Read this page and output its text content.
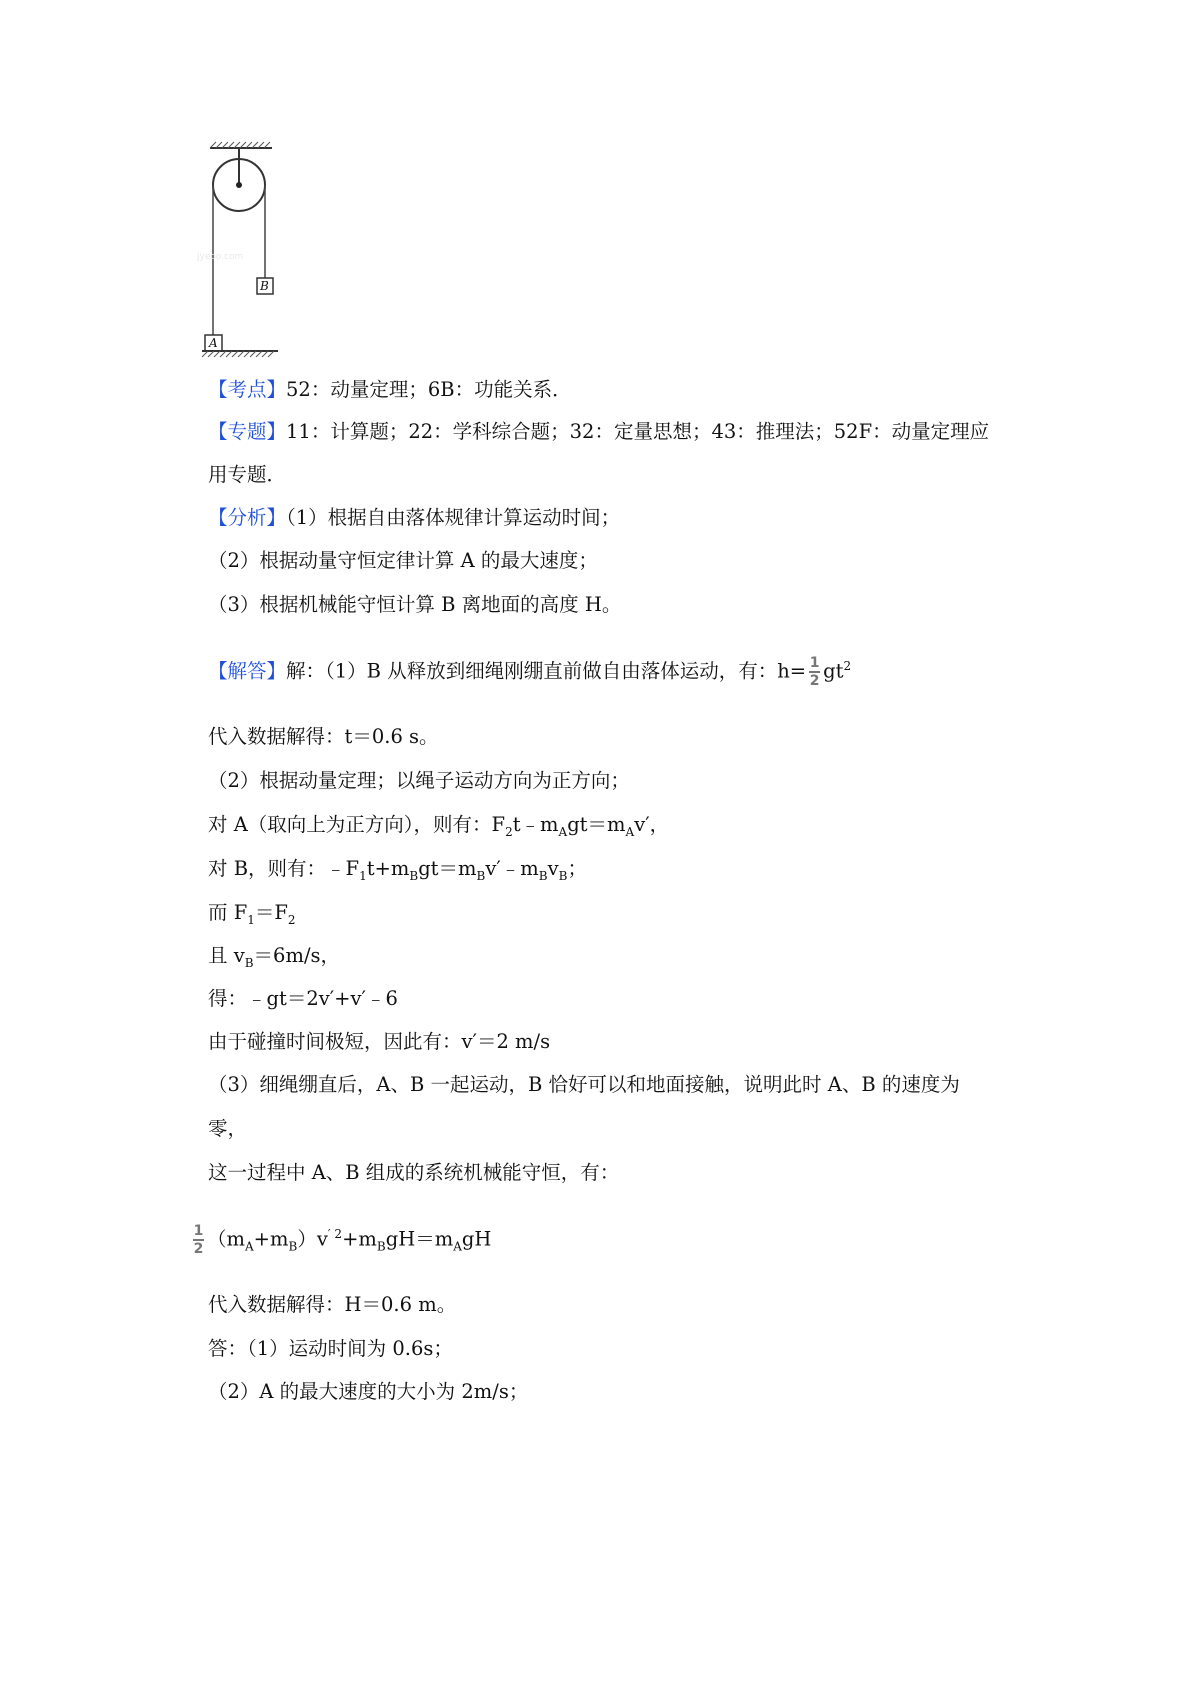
A
B
jyeoo.com
【考点】52：动量定理；6B：功能关系．
【专题】11：计算题；22：学科综合题；32：定量思想；43：推理法；52F：动量定理应
用专题．
【分析】（1）根据自由落体规律计算运动时间；
（2）根据动量守恒定律计算 A 的最大速度；
（3）根据机械能守恒计算 B 离地面的高度 H。
【解答】解：（1）B 从释放到细绳刚绷直前做自由落体运动，有：$h= \frac{1}{2} gt^2$
代入数据解得：t＝0.6 s。
（2）根据动量定理；以绳子运动方向为正方向；
对 A（取向上为正方向），则有：$F_2t﹣m_Agt=m_Av'$，
对 B，则有：$﹣F_1t+m_Bgt=m_Bv'﹣m_Bv_B$；
而 $F_1=F_2$
且 $v_B=6m/s$，
得：﹣gt＝2v′+v′﹣6
由于碰撞时间极短，因此有：v′＝2 m/s
（3）细绳绷直后，A、B 一起运动，B 恰好可以和地面接触，说明此时 A、B 的速度为
零，
这一过程中 A、B 组成的系统机械能守恒，有：
$\frac{1}{2} (m_A+m_B)v^{' 2}+m_BgH=m_AgH$
代入数据解得：H＝0.6 m。
答：（1）运动时间为 0.6s；
（2）A 的最大速度的大小为 2m/s；
